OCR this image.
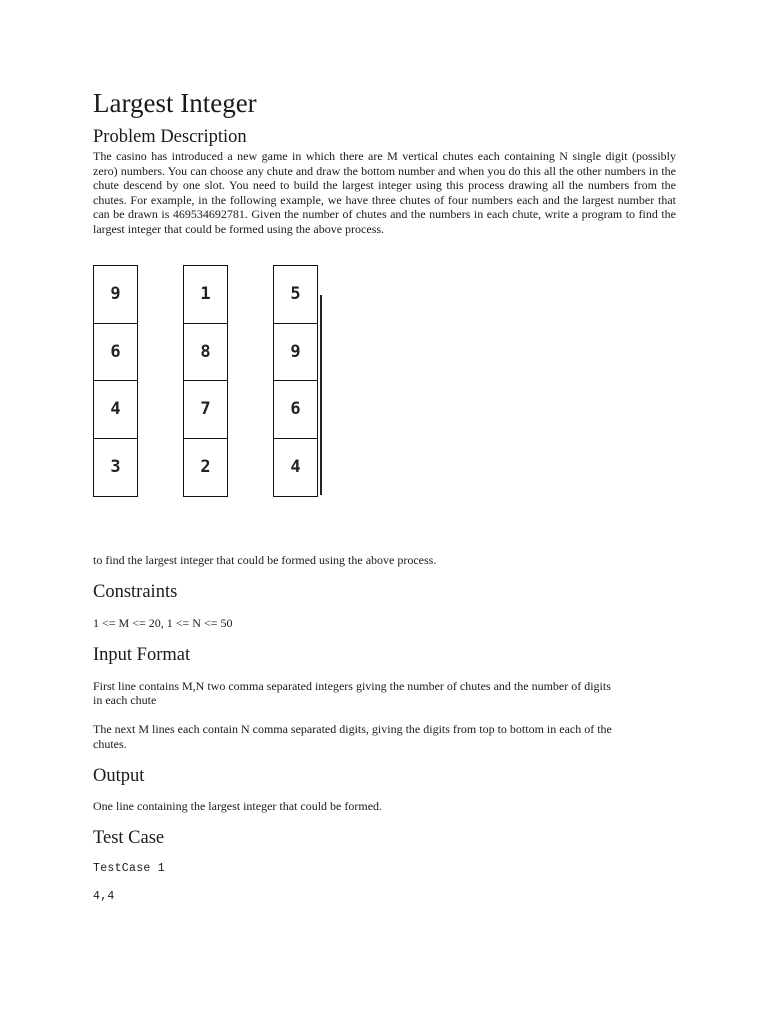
Largest Integer
Problem Description

The casino has introduced a new game in which there are M vertical chutes each containing N single digit (possibly zero) numbers. You can choose any chute and draw the bottom number and when you do this all the other numbers in the chute descend by one slot. You need to build the largest integer using this process drawing all the numbers from the chutes. For example, in the following example, we have three chutes of four numbers each and the largest number that can be drawn is 469534692781. Given the number of chutes and the numbers in each chute, write a program to find the largest integer that could be formed using the above process.

to find the largest integer that could be formed using the above process.

Constraints

1 <= M <= 20, 1 <= N <= 50

Input Format

First line contains M,N two comma separated integers giving the number of chutes and the number of digits

in each chute

The next M lines each contain N comma separated digits, giving the digits from top to bottom in each of the

chutes.

Output

One line containing the largest integer that could be formed.

Test Case

TestCase 1

4,4

9
6
4
3
1
8
7
2
5
9
6
4
